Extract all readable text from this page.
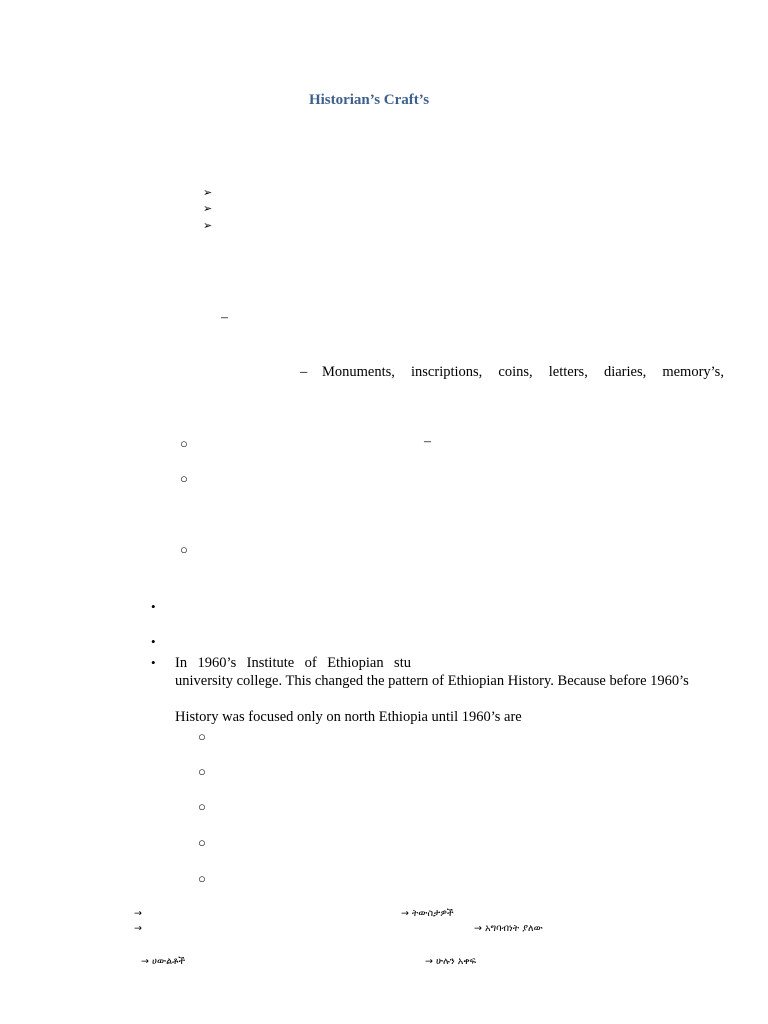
Historian’s Craft’s
➢
➢
➢
–
– Monuments, inscriptions, coins, letters, diaries, memory’s,
○	–
○
○
•
•
• In 1960’s Institute of Ethiopian stu
university college. This changed the pattern of Ethiopian History. Because before 1960’s
History was focused only on north Ethiopia until 1960’s are
○
○
○
○
○
→
→
→ ትውስታዎች
→ አግባብነት ያለው
→ ሀውልቶች	→ ሁሉን አቀፍ
